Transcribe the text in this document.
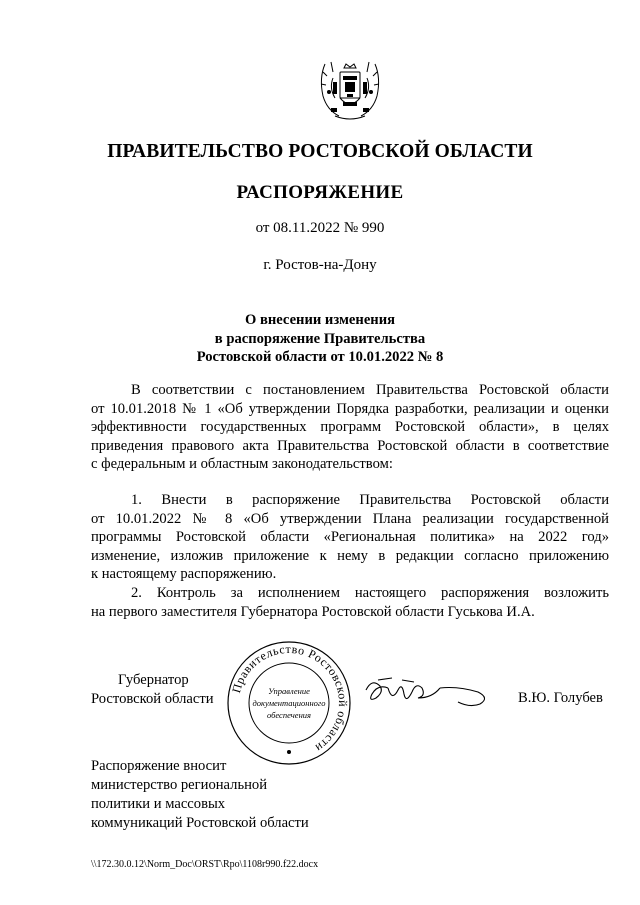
ПРАВИТЕЛЬСТВО РОСТОВСКОЙ ОБЛАСТИ
РАСПОРЯЖЕНИЕ
от 08.11.2022 № 990
г. Ростов-на-Дону
О внесении изменения
в распоряжение Правительства
Ростовской области от 10.01.2022 № 8
В соответствии с постановлением Правительства Ростовской области
от 10.01.2018 № 1 «Об утверждении Порядка разработки, реализации и оценки
эффективности государственных программ Ростовской области», в целях
приведения правового акта Правительства Ростовской области в соответствие
с федеральным и областным законодательством:
1. Внести в распоряжение Правительства Ростовской области
от 10.01.2022 № 8 «Об утверждении Плана реализации государственной
программы Ростовской области «Региональная политика» на 2022 год»
изменение, изложив приложение к нему в редакции согласно приложению
к настоящему распоряжению.
2. Контроль за исполнением настоящего распоряжения возложить
на первого заместителя Губернатора Ростовской области Гуськова И.А.
Губернатор
Ростовской области
Правительство Ростовской области
Управление
документационного
обеспечения
В.Ю. Голубев
Распоряжение вносит
министерство региональной
политики и массовых
коммуникаций Ростовской области
\\172.30.0.12\Norm_Doc\ORST\Rpo\1108r990.f22.docx
